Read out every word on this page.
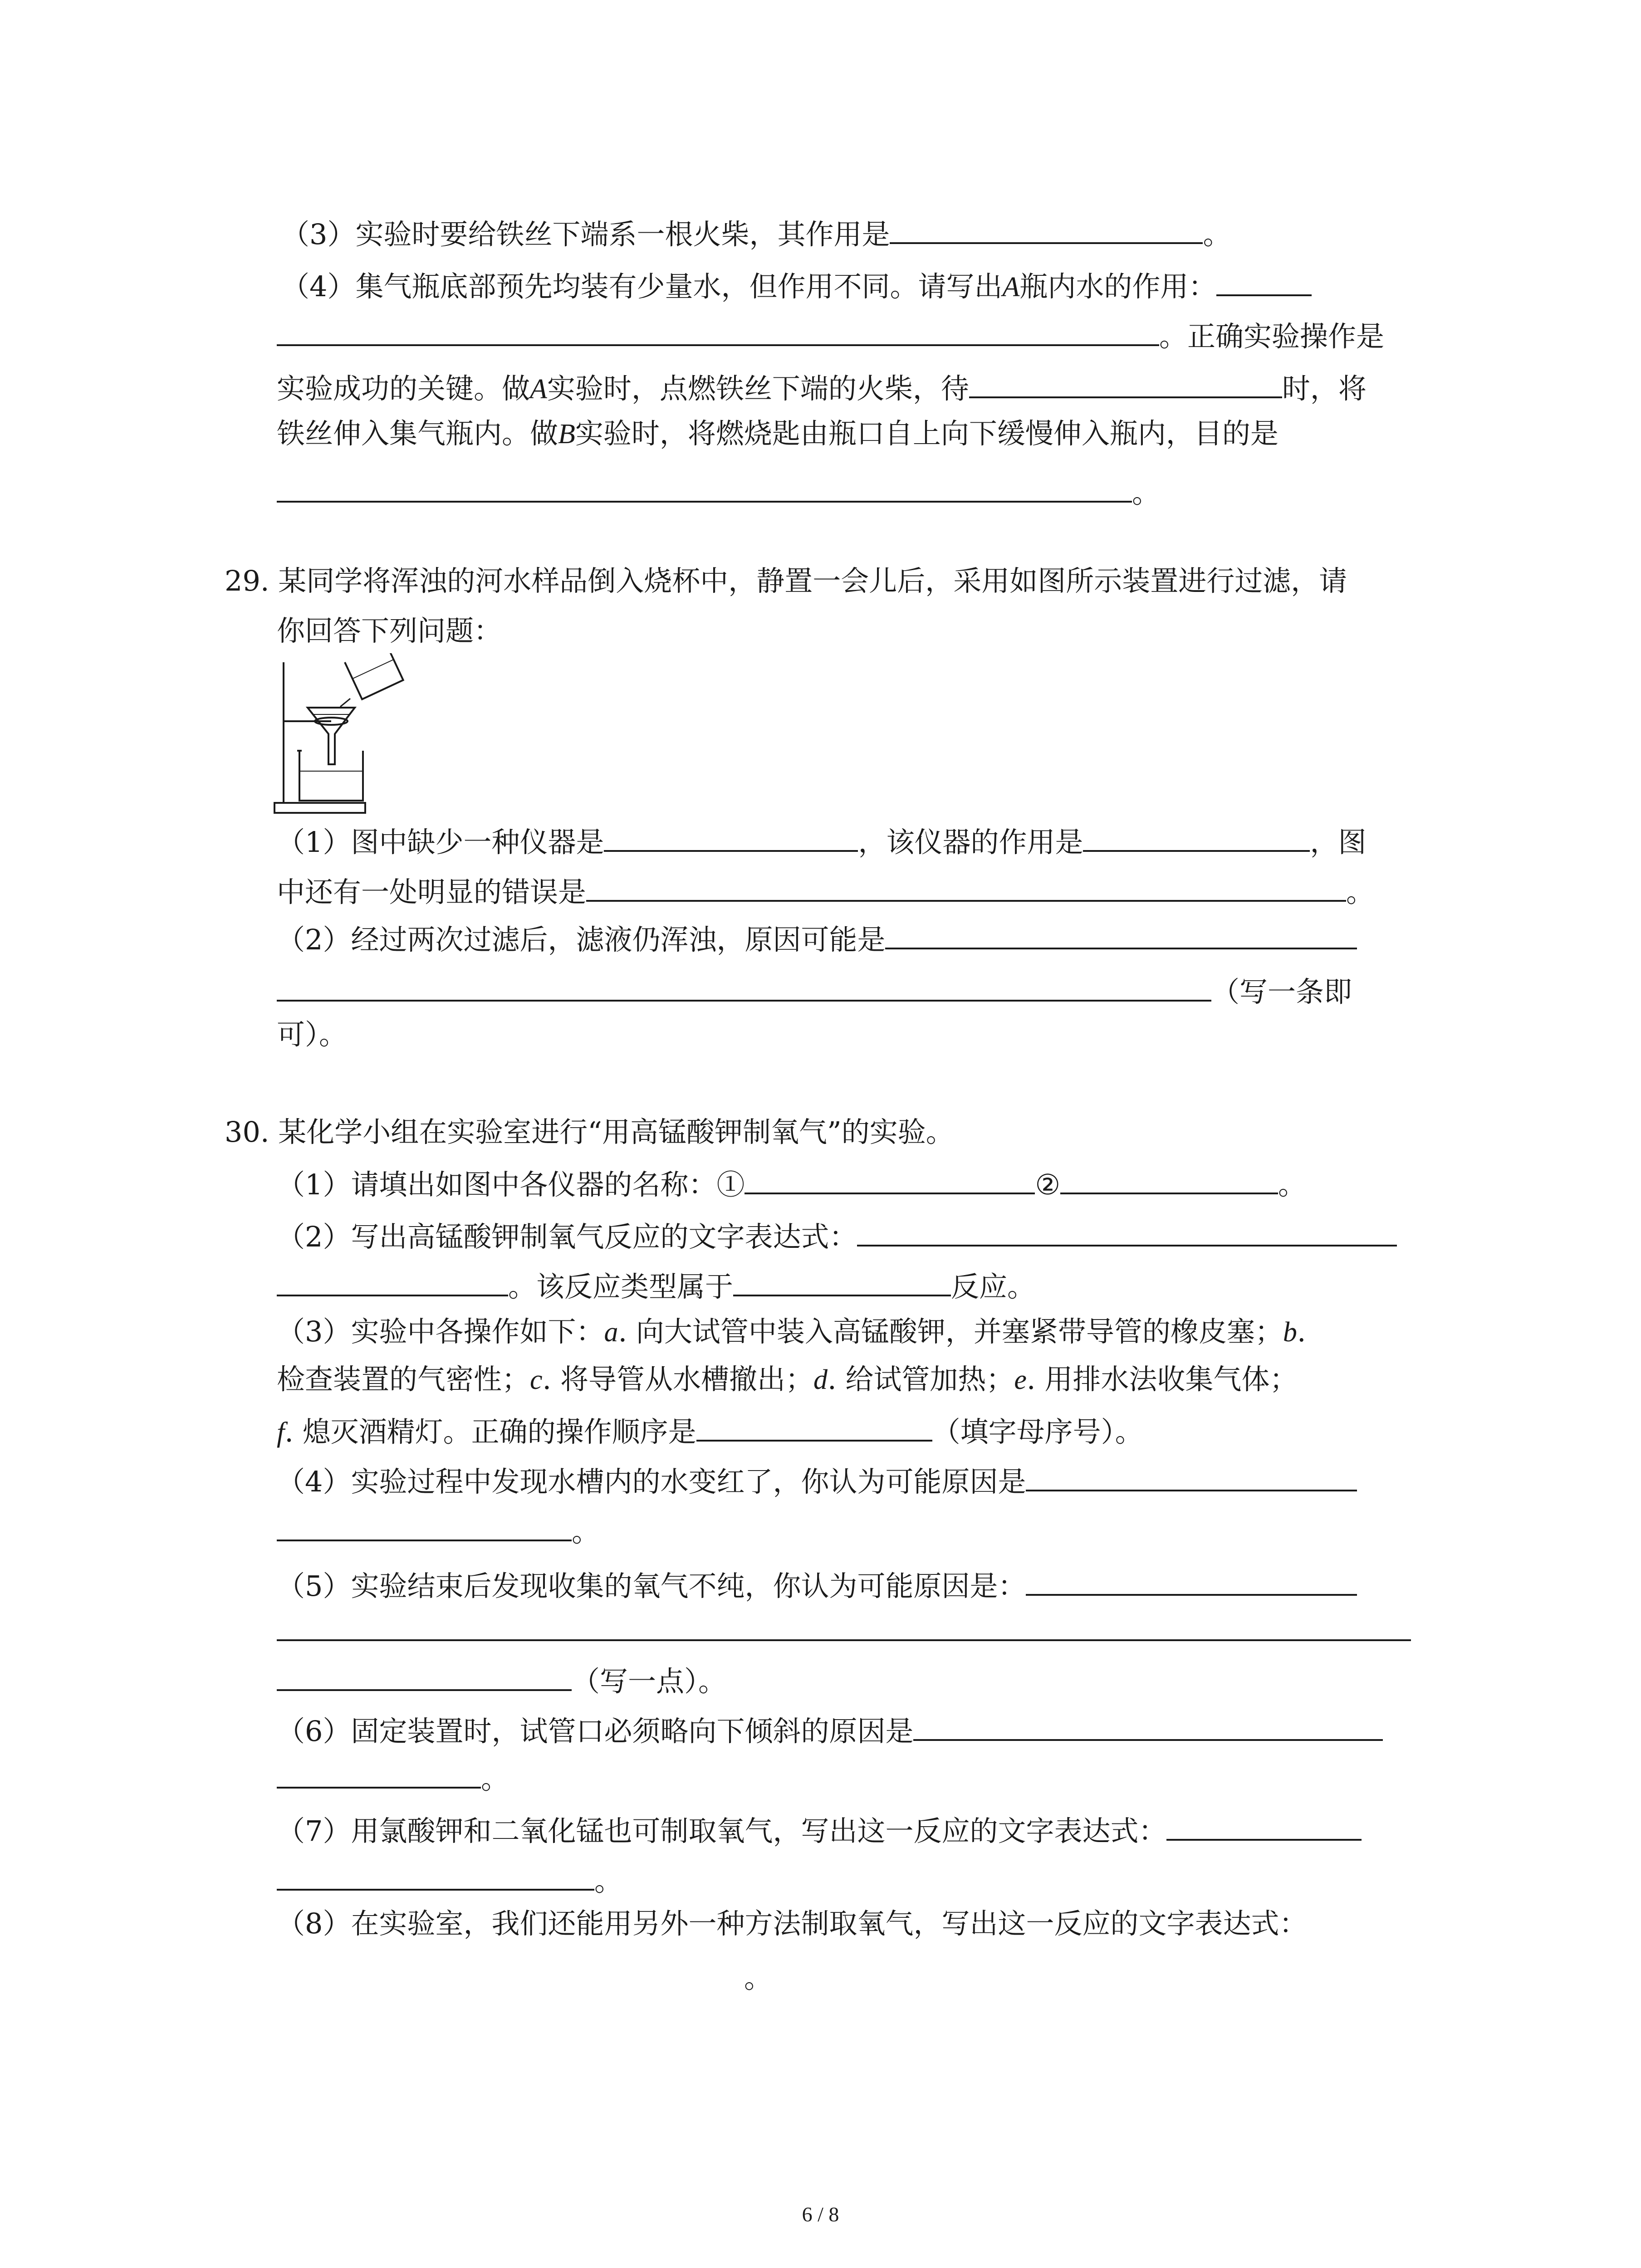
（3）实验时要给铁丝下端系一根火柴，其作用是	。
（4）集气瓶底部预先均装有少量水，但作用不同。请写出A瓶内水的作用：
。正确实验操作是
实验成功的关键。做A实验时，点燃铁丝下端的火柴，待	时，将
铁丝伸入集气瓶内。做B实验时，将燃烧匙由瓶口自上向下缓慢伸入瓶内，目的是
。
29. 某同学将浑浊的河水样品倒入烧杯中，静置一会儿后，采用如图所示装置进行过滤，请
你回答下列问题：
（1）图中缺少一种仪器是	，该仪器的作用是	，图
中还有一处明显的错误是	。
（2）经过两次过滤后，滤液仍浑浊，原因可能是
（写一条即
可）。
30. 某化学小组在实验室进行“用高锰酸钾制氧气”的实验。
（1）请填出如图中各仪器的名称：①	②	。
（2）写出高锰酸钾制氧气反应的文字表达式：
。该反应类型属于	反应。
（3）实验中各操作如下：a. 向大试管中装入高锰酸钾，并塞紧带导管的橡皮塞；b.
检查装置的气密性；c. 将导管从水槽撤出；d. 给试管加热；e. 用排水法收集气体；
f. 熄灭酒精灯。正确的操作顺序是	（填字母序号）。
（4）实验过程中发现水槽内的水变红了，你认为可能原因是
。
（5）实验结束后发现收集的氧气不纯，你认为可能原因是：
（写一点）。
（6）固定装置时，试管口必须略向下倾斜的原因是
。
（7）用氯酸钾和二氧化锰也可制取氧气，写出这一反应的文字表达式：
。
（8）在实验室，我们还能用另外一种方法制取氧气，写出这一反应的文字表达式：
。
6 / 8
